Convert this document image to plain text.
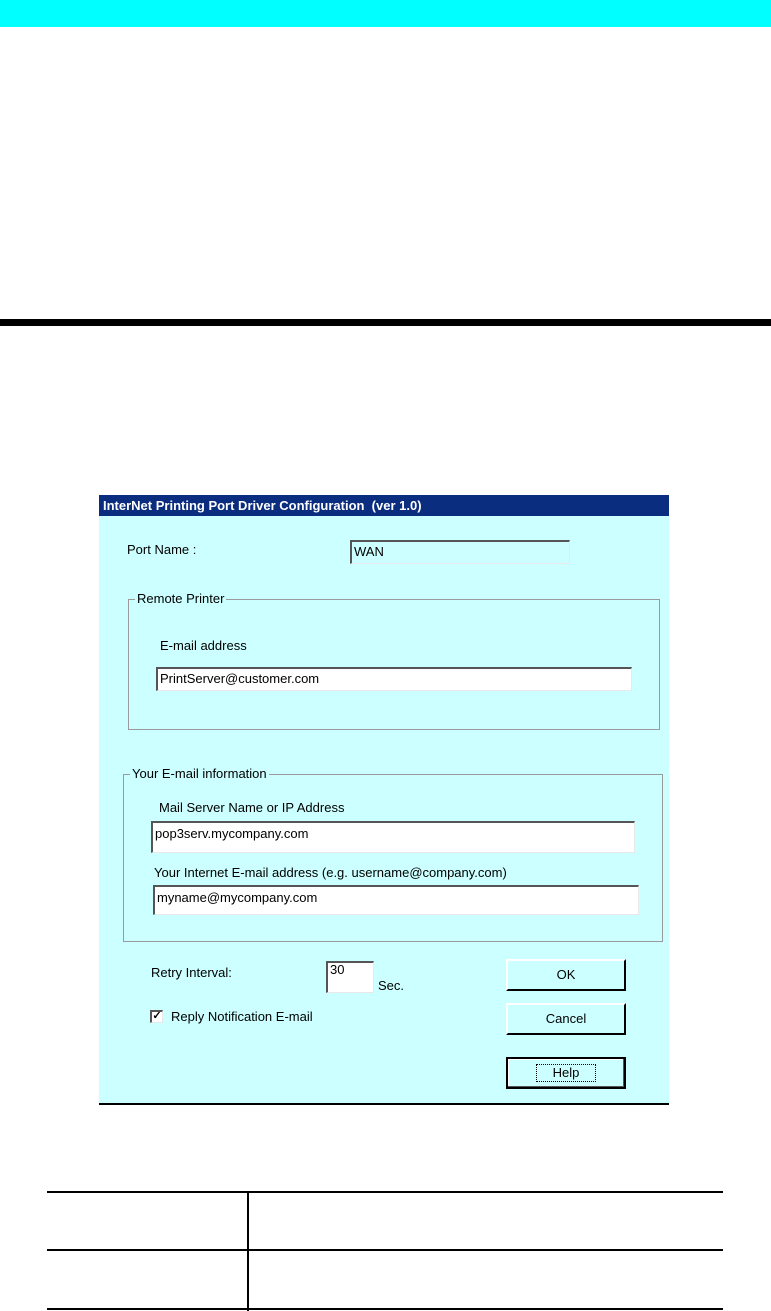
InterNet Printing Port Driver Configuration  (ver 1.0)
Port Name :	WAN
Remote Printer
E-mail address
PrintServer@customer.com
Your E-mail information
Mail Server Name or IP Address
pop3serv.mycompany.com
Your Internet E-mail address (e.g. username@company.com)
myname@mycompany.com
Retry Interval:	30
Sec.
✓ Reply Notification E-mail
OK
Cancel
Help
